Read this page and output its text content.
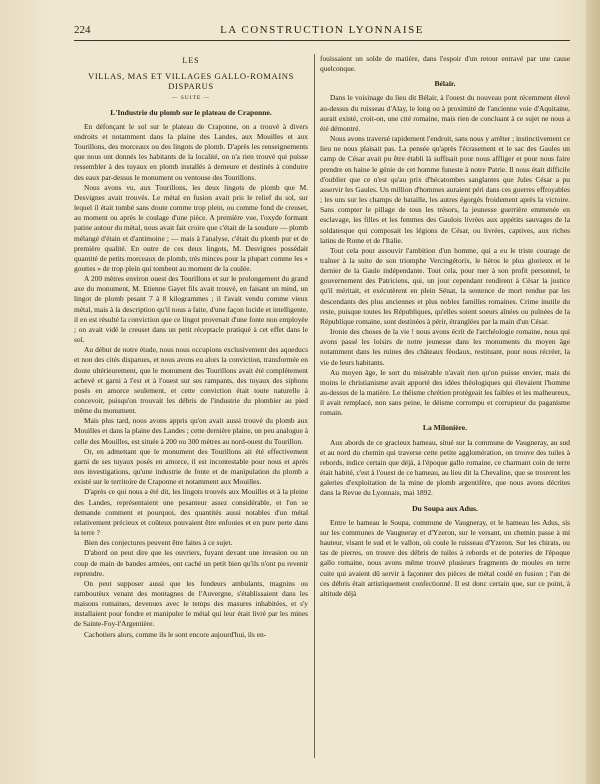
224	LA CONSTRUCTION LYONNAISE
LES
VILLAS, MAS ET VILLAGES GALLO-ROMAINS DISPARUS
— SUITE —
L'Industrie du plomb sur le plateau de Craponne.

En défonçant le sol sur le plateau de Craponne, on a trouvé à divers endroits et notamment dans la plaine des Landes, aux Mouilles et aux Tourillons, des morceaux ou des lingots de plomb. D'après les renseignements que nous ont donnés les habitants de la localité, on n'a rien trouvé qui puisse ressembler à des tuyaux en plomb installés à demeure et destinés à conduire des eaux par-dessus le monument ou ventouse des Tourillons.

Nous avons vu, aux Tourillons, les deux lingots de plomb que M. Desvignes avait trouvés. Le métal en fusion avait pris le relief du sol, sur lequel il était tombé sans doute comme trop plein, ou comme fond de creuset, au moment ou après le coulage d'une pièce. A première vue, l'oxyde formant patine autour du métal, nous avait fait croire que c'était de la soudure — plomb mélangé d'étain et d'antimoine ; — mais à l'analyse, c'était du plomb pur et de première qualité. En outre de ces deux lingots, M. Desvignes possédait quantité de petits morceaux de plomb, très minces pour la plupart comme les « gouttes » de trop plein qui tombent au moment de la coulée.

A 200 mètres environ ouest des Tourillons et sur le prolongement du grand axe du monument, M. Etienne Gayet fils avait trouvé, en faisant un mind, un lingot de plomb pesant 7 à 8 kilogrammes ; il l'avait vendu comme vieux métal, mais à la description qu'il nous a faite, d'une façon lucide et intelligente, il en est résulté la conviction que ce lingot provenait d'une fonte non employée ; on avait vidé le creuset dans un petit réceptacle pratiqué à cet effet dans le sol.

Au début de notre étude, nous nous occupions exclusivement des aqueducs et non des cités disparues, et nous avons eu alors la conviction, transformée en doute ultérieurement, que le monument des Tourillons avait été complètement achevé et garni à l'est et à l'ouest sur ses rampants, des tuyaux des siphons posés en amorce seulement, et cette conviction était toute naturelle à concevoir, puisqu'on trouvait les débris de l'industrie du plombier au pied même du monument.

Mais plus tard, nous avons appris qu'on avait aussi trouvé du plomb aux Mouilles et dans la plaine des Landes ; cette dernière plaine, un peu analogue à celle des Mouilles, est située à 200 ou 300 mètres au nord-ouest du Tourillon.

Or, en admettant que le monument des Tourillons ait été effectivement garni de ses tuyaux posés en amorce, il est incontestable pour nous et après nos investigations, qu'une industrie de fonte et de manipulation du plomb a existé sur le territoire de Craponne et notamment aux Mouilles.

D'après ce qui nous a été dit, les lingots trouvés aux Mouilles et à la pleine des Landes, représentaient une pesanteur assez considérable, et l'on se demande comment et pourquoi, des quantités aussi notables d'un métal relativement précieux et coûteux pouvaient être enfouies et en pure perte dans la terre ?

Bien des conjectures peuvent être faites à ce sujet.

D'abord on peut dire que les ouvriers, fuyant devant une invasion ou un coup de main de bandes armées, ont caché un petit bien qu'ils n'ont pu revenir reprendre.

On peut supposer aussi que les fondeurs ambulants, magnins ou ramboutèux venant des montagnes de l'Auvergne, s'établissaient dans les maisons romaines, devenues avec le temps des masures inhabitées, et s'y installaient pour fondre et manipuler le métal qui leur était livré par les mines de Sainte-Foy-l'Argentière.

Cachotiers alors, comme ils le sont encore aujourd'hui, ils en-

fouissaient un solde de matière, dans l'espoir d'un retour entravé par une cause quelconque.

Bélair.

Dans le voisinage du lieu dit Bélair, à l'ouest du nouveau pont récemment élevé au-dessus du ruisseau d'Alay, le long ou à proximité de l'ancienne voie d'Aquitaine, aurait existé, croit-on, une cité romaine, mais rien de concluant à ce sujet ne nous a été démontré.

Nous avons traversé rapidement l'endroit, sans nous y arrêter ; instinctivement ce lieu ne nous plaisait pas. La pensée qu'après l'écrasement et le sac des Gaules un camp de César avait pu être établi là suffisait pour nous affliger et pour nous faire prendre en haine le génie de cet homme funeste à notre Patrie. Il nous était difficile d'oublier que ce n'est qu'au prix d'hécatombes sanglantes que Jules César a pu asservir les Gaules. Un million d'hommes auraient péri dans ces guerres effroyables ; les uns sur les champs de bataille, les autres égorgés froidement après la victoire. Sans compter le pillage de tous les trésors, la jeunesse guerrière emmenée en esclavage, les filles et les femmes des Gaulois livrées aux appétits sauvages de la soldatesque qui composait les légions de César, ou livrées, captives, aux riches latins de Rome et de l'Italie.

Tout cela pour assouvir l'ambition d'un homme, qui a eu le triste courage de traîner à la suite de son triomphe Vercingétorix, le héros le plus glorieux et le dernier de la Gaule indépendante. Tout cela, pour tuer à son profit personnel, le gouvernement des Patriciens, qui, un jour cependant rendirent à César la justice qu'il méritait, et exécutèrent en plein Sénat, la sentence de mort rendue par les descendants des plus anciennes et plus nobles familles romaines. Crime inutile du reste, puisque toutes les Républiques, qu'elles soient soeurs aînées ou puînées de la République romaine, sont destinées à périr, étranglées par la main d'un César.

Ironie des choses de la vie ! nous avons écrit de l'archéologie romaine, nous qui avons passé les loisirs de notre jeunesse dans les monuments du moyen âge notamment dans les ruines des châteaux féodaux, restituant, pour nous récréer, la vie de leurs habitants.

Au moyen âge, le sort du misérable n'avait rien qu'on puisse envier, mais du moins le christianisme avait apporté des idées théologiques qui élevaient l'homme au-dessus de la matière. Le théisme chrétien protégeait les faibles et les malheureux, il avait remplacé, non sans peine, le déisme corrompu et corrupteur du paganisme romain.

La Milonière.

Aux abords de ce gracieux hameau, situé sur la commune de Vaugneray, au sud et au nord du chemin qui traverse cette petite agglomération, on trouve des tuiles à rebords, indice certain que déjà, à l'époque gallo romaine, ce charmant coin de terre était habité, c'est à l'ouest de ce hameau, au lieu dit la Chevaline, que se trouvent les galeries d'exploitation de la mine de plomb argentifère, que nous avons décrites dans la Revue du Lyonnais, mai 1892.

Du Soupa aux Adus.

Entre le hameau le Soupa, commune de Vaugneray, et le hameau les Adus, sis sur les communes de Vaugneray et d'Yzeron, sur le versant, un chemin passe à mi hauteur, visant le sud et le vallon, où coule le ruisseau d'Yzeron. Sur les chirats, ou tas de pierres, on trouve des débris de tuiles à rebords et de poteries de l'époque gallo romaine, nous avons même trouvé plusieurs fragments de moules en terre cuite qui avaient dû servir à façonner des pièces de métal coulé en fusion ; l'un de ces débris était artistiquement confectionné. Il est donc certain que, sur ce point, à altitude déjà
